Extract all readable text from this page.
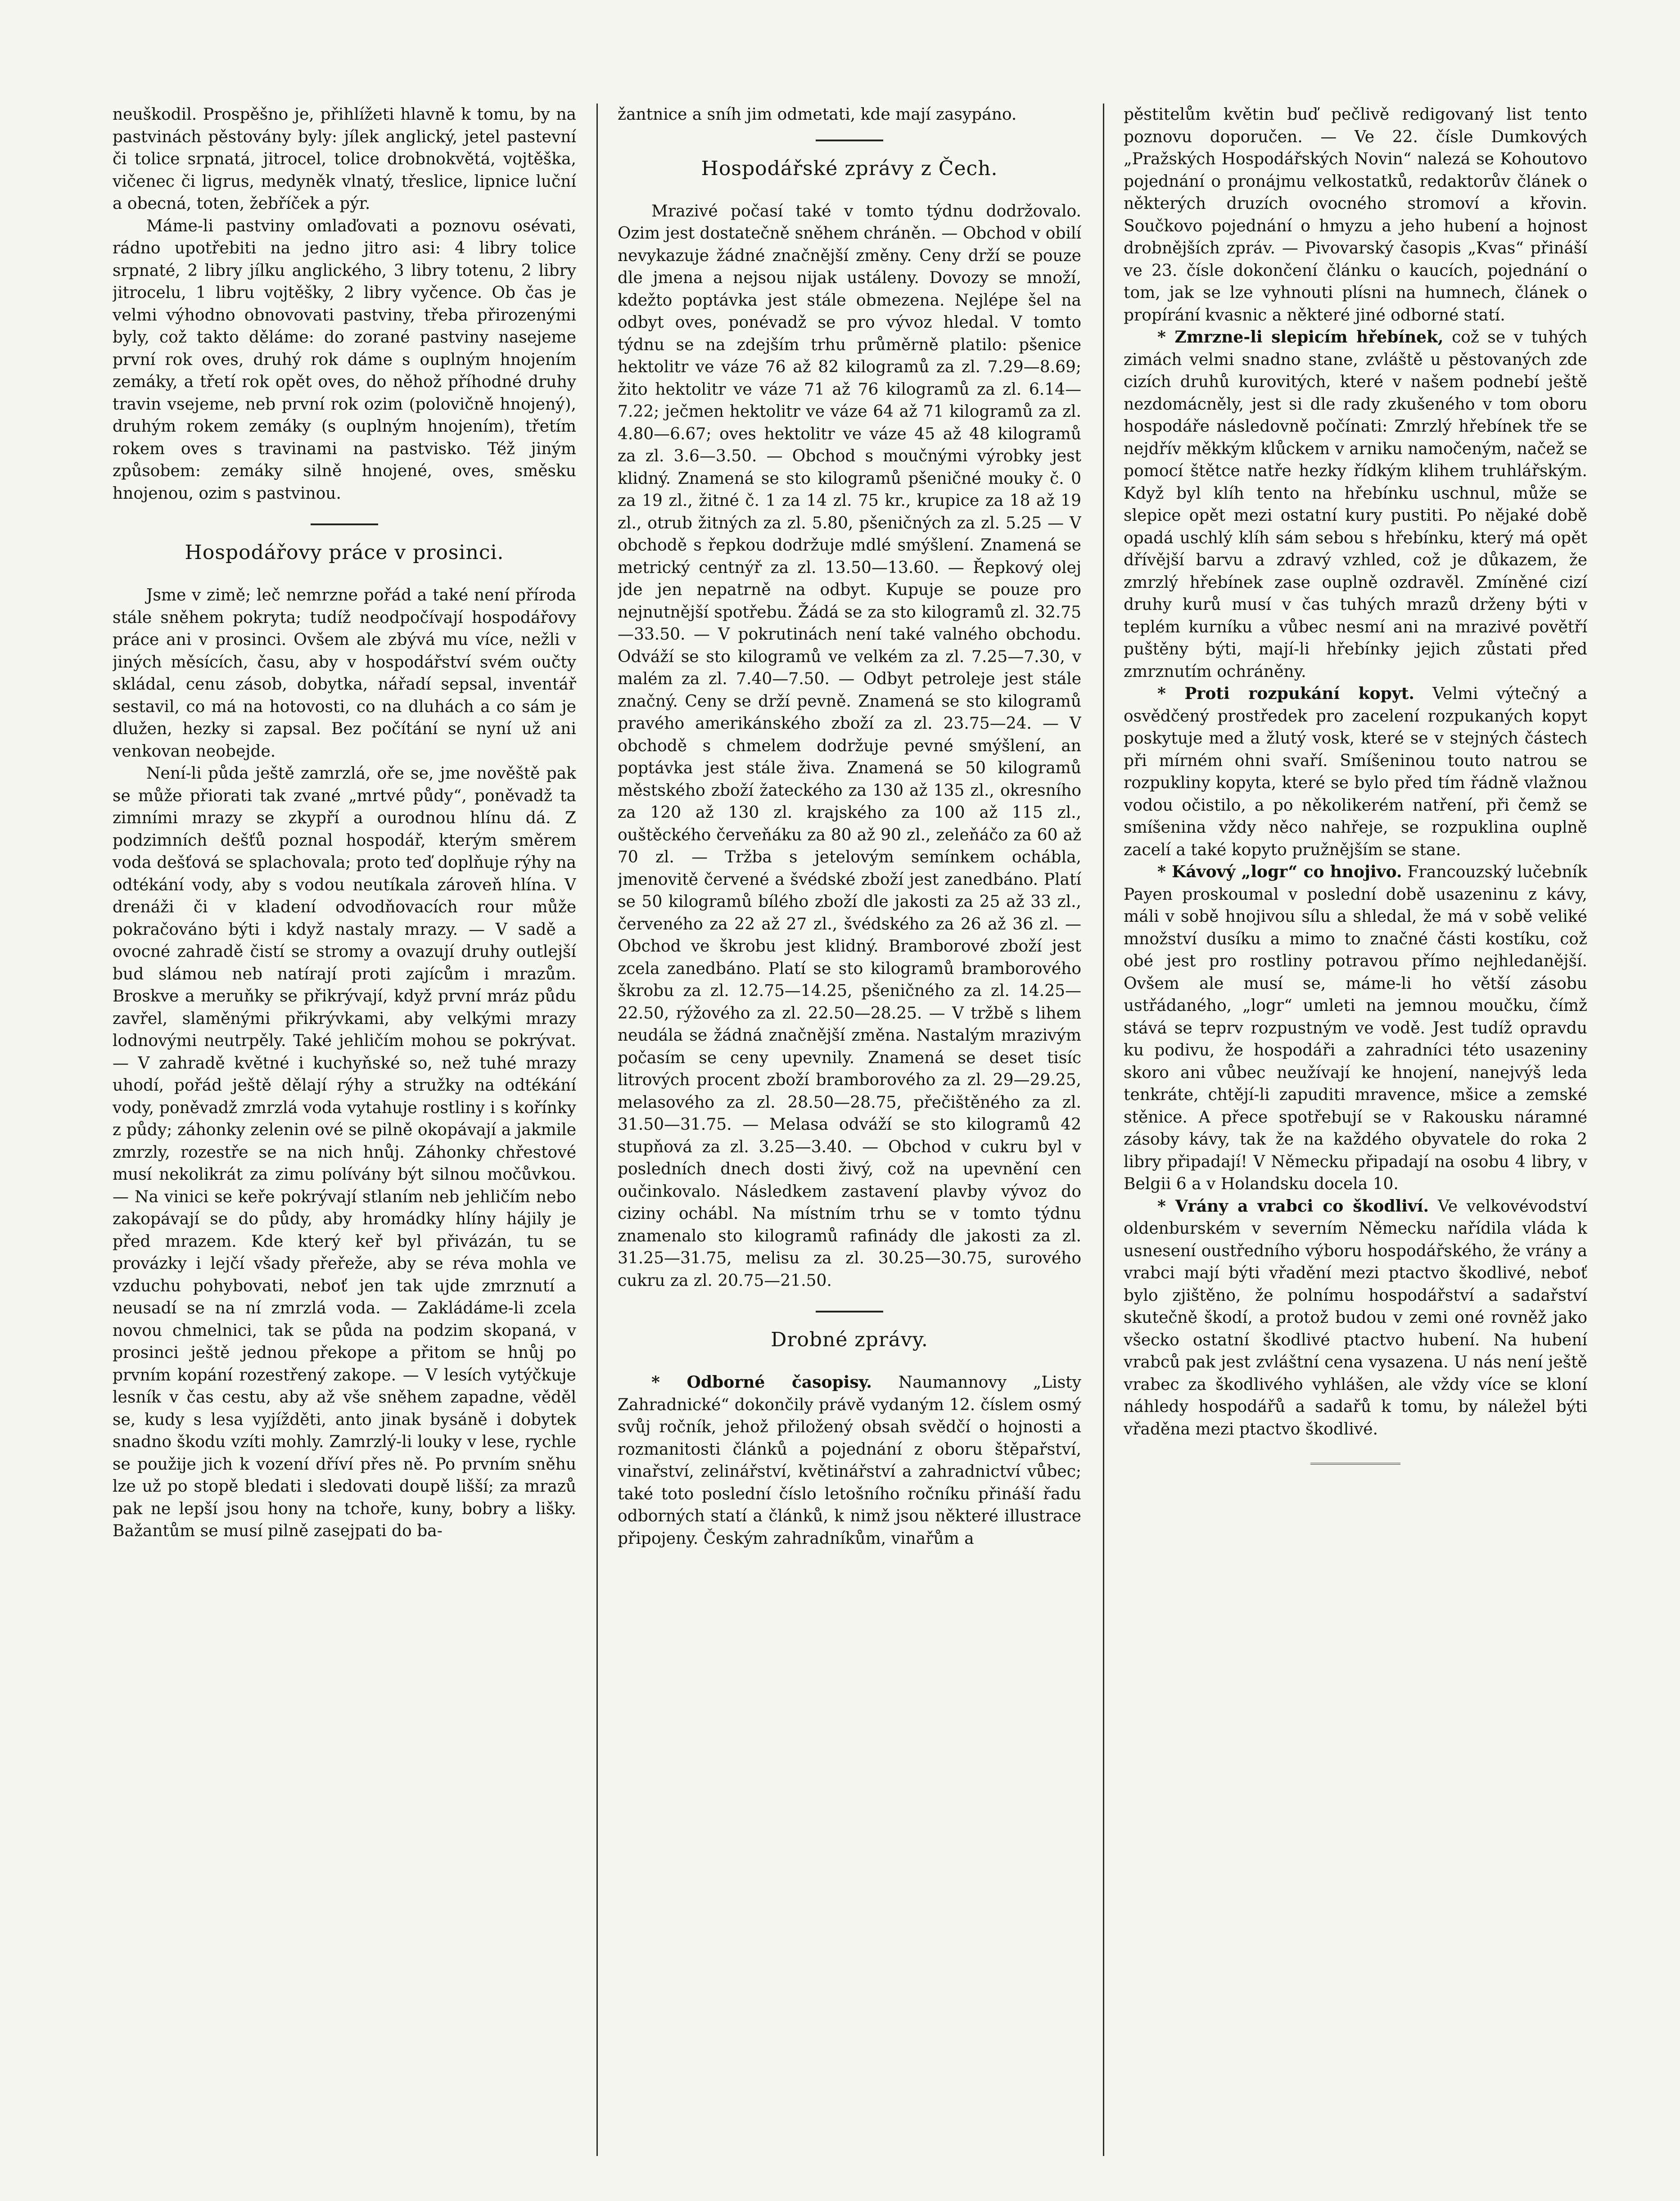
neuškodil. Prospěšno je, přihlížeti hlavně k tomu, by na pastvinách pěstovány byly: jílek anglický, jetel pastevní či tolice srpnatá, jitrocel, tolice drobnokvětá, vojtěška, vičenec či ligrus, medyněk vlnatý, třeslice, lipnice luční a obecná, toten, žebříček a pýr.

Máme-li pastviny omlaďovati a poznovu osévati, rádno upotřebiti na jedno jitro asi: 4 libry tolice srpnaté, 2 libry jílku anglického, 3 libry totenu, 2 libry jitrocelu, 1 libru vojtěšky, 2 libry vyčence. Ob čas je velmi výhodno obnovovati pastviny, třeba přirozenými byly, což takto děláme: do zorané pastviny nasejeme první rok oves, druhý rok dáme s ouplným hnojením zemáky, a třetí rok opět oves, do něhož příhodné druhy travin vsejeme, neb první rok ozim (polovičně hnojený), druhým rokem zemáky (s ouplným hnojením), třetím rokem oves s travinami na pastvisko. Též jiným způsobem: zemáky silně hnojené, oves, směsku hnojenou, ozim s pastvinou.

Hospodářovy práce v prosinci.

Jsme v zimě; leč nemrzne pořád a také není příroda stále sněhem pokryta; tudíž neodpočívají hospodářovy práce ani v prosinci. Ovšem ale zbývá mu více, nežli v jiných měsících, času, aby v hospodářství svém oučty skládal, cenu zásob, dobytka, nářadí sepsal, inventář sestavil, co má na hotovosti, co na dluhách a co sám je dlužen, hezky si zapsal. Bez počítání se nyní už ani venkovan neobejde.

Není-li půda ještě zamrzlá, oře se, jme nověště pak se může přiorati tak zvané „mrtvé půdy“, poněvadž ta zimními mrazy se zkypří a ourodnou hlínu dá. Z podzimních dešťů poznal hospodář, kterým směrem voda dešťová se splachovala; proto teď doplňuje rýhy na odtékání vody, aby s vodou neutíkala zároveň hlína. V drenáži či v kladení odvodňovacích rour může pokračováno býti i když nastaly mrazy. — V sadě a ovocné zahradě čistí se stromy a ovazují druhy outlejší bud slámou neb natírají proti zajícům i mrazům. Broskve a meruňky se přikrývají, když první mráz půdu zavřel, slaměnými přikrývkami, aby velkými mrazy lodnovými neutrpěly. Také jehličím mohou se pokrývat. — V zahradě květné i kuchyňské so, než tuhé mrazy uhodí, pořád ještě dělají rýhy a stružky na odtékání vody, poněvadž zmrzlá voda vytahuje rostliny i s kořínky z půdy; záhonky zelenin ové se pilně okopávají a jakmile zmrzly, rozestře se na nich hnůj. Záhonky chřestové musí nekolikrát za zimu polívány být silnou močůvkou. — Na vinici se keře pokrývají stlaním neb jehličím nebo zakopávají se do půdy, aby hromádky hlíny hájily je před mrazem. Kde který keř byl přivázán, tu se provázky i lejčí všady přeřeže, aby se réva mohla ve vzduchu pohybovati, neboť jen tak ujde zmrznutí a neusadí se na ní zmrzlá voda. — Zakládáme-li zcela novou chmelnici, tak se půda na podzim skopaná, v prosinci ještě jednou překope a přitom se hnůj po prvním kopání rozestřený zakope. — V lesích vytýčkuje lesník v čas cestu, aby až vše sněhem zapadne, věděl se, kudy s lesa vyjížděti, anto jinak bysáně i dobytek snadno škodu vzíti mohly. Zamrzlý-li louky v lese, rychle se použije jich k vození dříví přes ně. Po prvním sněhu lze už po stopě bledati i sledovati doupě lišší; za mrazů pak ne lepší jsou hony na tchoře, kuny, bobry a lišky. Bažantům se musí pilně zasejpati do ba-

žantnice a sníh jim odmetati, kde mají zasypáno.

Hospodářské zprávy z Čech.

Mrazivé počasí také v tomto týdnu dodržovalo. Ozim jest dostatečně sněhem chráněn. — Obchod v obilí nevykazuje žádné značnější změny. Ceny drží se pouze dle jmena a nejsou nijak ustáleny. Dovozy se množí, kdežto poptávka jest stále obmezena. Nejlépe šel na odbyt oves, ponévadž se pro vývoz hledal. V tomto týdnu se na zdejším trhu průměrně platilo: pšenice hektolitr ve váze 76 až 82 kilogramů za zl. 7.29—8.69; žito hektolitr ve váze 71 až 76 kilogramů za zl. 6.14—7.22; ječmen hektolitr ve váze 64 až 71 kilogramů za zl. 4.80—6.67; oves hektolitr ve váze 45 až 48 kilogramů za zl. 3.6—3.50. — Obchod s moučnými výrobky jest klidný. Znamená se sto kilogramů pšeničné mouky č. 0 za 19 zl., žitné č. 1 za 14 zl. 75 kr., krupice za 18 až 19 zl., otrub žitných za zl. 5.80, pšeničných za zl. 5.25 — V obchodě s řepkou dodržuje mdlé smýšlení. Znamená se metrický centnýř za zl. 13.50—13.60. — Řepkový olej jde jen nepatrně na odbyt. Kupuje se pouze pro nejnutnější spotřebu. Žádá se za sto kilogramů zl. 32.75—33.50. — V pokrutinách není také valného obchodu. Odváží se sto kilogramů ve velkém za zl. 7.25—7.30, v malém za zl. 7.40—7.50. — Odbyt petroleje jest stále značný. Ceny se drží pevně. Znamená se sto kilogramů pravého amerikánského zboží za zl. 23.75—24. — V obchodě s chmelem dodržuje pevné smýšlení, an poptávka jest stále živa. Znamená se 50 kilogramů městského zboží žateckého za 130 až 135 zl., okresního za 120 až 130 zl. krajského za 100 až 115 zl., ouštěckého červeňáku za 80 až 90 zl., zeleňáčo za 60 až 70 zl. — Tržba s jetelovým semínkem ochábla, jmenovitě červené a švédské zboží jest zanedbáno. Platí se 50 kilogramů bílého zboží dle jakosti za 25 až 33 zl., červeného za 22 až 27 zl., švédského za 26 až 36 zl. — Obchod ve škrobu jest klidný. Bramborové zboží jest zcela zanedbáno. Platí se sto kilogramů bramborového škrobu za zl. 12.75—14.25, pšeničného za zl. 14.25—22.50, rýžového za zl. 22.50—28.25. — V tržbě s lihem neudála se žádná značnější změna. Nastalým mrazivým počasím se ceny upevnily. Znamená se deset tisíc litrových procent zboží bramborového za zl. 29—29.25, melasového za zl. 28.50—28.75, přečištěného za zl. 31.50—31.75. — Melasa odváží se sto kilogramů 42 stupňová za zl. 3.25—3.40. — Obchod v cukru byl v posledních dnech dosti živý, což na upevnění cen oučinkovalo. Následkem zastavení plavby vývoz do ciziny ochábl. Na místním trhu se v tomto týdnu znamenalo sto kilogramů rafinády dle jakosti za zl. 31.25—31.75, melisu za zl. 30.25—30.75, surového cukru za zl. 20.75—21.50.

Drobné zprávy.

* Odborné časopisy. Naumannovy „Listy Zahradnické“ dokončily právě vydaným 12. číslem osmý svůj ročník, jehož přiložený obsah svědčí o hojnosti a rozmanitosti článků a pojednání z oboru štěpařství, vinařství, zelinářství, květinářství a zahradnictví vůbec; také toto poslední číslo letošního ročníku přináší řadu odborných statí a článků, k nimž jsou některé illustrace připojeny. Českým zahradníkům, vinařům a

pěstitelům květin buď pečlivě redigovaný list tento poznovu doporučen. — Ve 22. čísle Dumkových „Pražských Hospodářských Novin“ nalezá se Kohoutovo pojednání o pronájmu velkostatků, redaktorův článek o některých druzích ovocného stromoví a křovin. Součkovo pojednání o hmyzu a jeho hubení a hojnost drobnějších zpráv. — Pivovarský časopis „Kvas“ přináší ve 23. čísle dokončení článku o kaucích, pojednání o tom, jak se lze vyhnouti plísni na humnech, článek o propírání kvasnic a některé jiné odborné statí.

* Zmrzne-li slepicím hřebínek, což se v tuhých zimách velmi snadno stane, zvláště u pěstovaných zde cizích druhů kurovitých, které v našem podnebí ještě nezdomácněly, jest si dle rady zkušeného v tom oboru hospodáře následovně počínati: Zmrzlý hřebínek tře se nejdřív měkkým klůckem v arniku namočeným, načež se pomocí štětce natře hezky řídkým klihem truhlářským. Když byl klíh tento na hřebínku uschnul, může se slepice opět mezi ostatní kury pustiti. Po nějaké době opadá uschlý klíh sám sebou s hřebínku, který má opět dřívější barvu a zdravý vzhled, což je důkazem, že zmrzlý hřebínek zase ouplně ozdravěl. Zmíněné cizí druhy kurů musí v čas tuhých mrazů drženy býti v teplém kurníku a vůbec nesmí ani na mrazivé povětří puštěny býti, mají-li hřebínky jejich zůstati před zmrznutím ochráněny.

* Proti rozpukání kopyt. Velmi výtečný a osvědčený prostředek pro zacelení rozpukaných kopyt poskytuje med a žlutý vosk, které se v stejných částech při mírném ohni svaří. Smíšeninou touto natrou se rozpukliny kopyta, které se bylo před tím řádně vlažnou vodou očistilo, a po několikerém natření, při čemž se smíšenina vždy něco nahřeje, se rozpuklina ouplně zacelí a také kopyto pružnějším se stane.

* Kávový „logr“ co hnojivo. Francouzský lučebník Payen proskoumal v poslední době usazeninu z kávy, máli v sobě hnojivou sílu a shledal, že má v sobě veliké množství dusíku a mimo to značné části kostíku, což obé jest pro rostliny potravou přímo nejhledanější. Ovšem ale musí se, máme-li ho větší zásobu ustřádaného, „logr“ umleti na jemnou moučku, čímž stává se teprv rozpustným ve vodě. Jest tudíž opravdu ku podivu, že hospodáři a zahradníci této usazeniny skoro ani vůbec neužívají ke hnojení, nanejvýš leda tenkráte, chtějí-li zapuditi mravence, mšice a zemské stěnice. A přece spotřebují se v Rakousku náramné zásoby kávy, tak že na každého obyvatele do roka 2 libry připadají! V Německu připadají na osobu 4 libry, v Belgii 6 a v Holandsku docela 10.

* Vrány a vrabci co škodliví. Ve velkovévodství oldenburském v severním Německu nařídila vláda k usnesení oustředního výboru hospodářského, že vrány a vrabci mají býti vřadění mezi ptactvo škodlivé, neboť bylo zjištěno, že polnímu hospodářství a sadařství skutečně škodí, a protož budou v zemi oné rovněž jako všecko ostatní škodlivé ptactvo hubení. Na hubení vrabců pak jest zvláštní cena vysazena. U nás není ještě vrabec za škodlivého vyhlášen, ale vždy více se kloní náhledy hospodářů a sadařů k tomu, by náležel býti vřaděna mezi ptactvo škodlivé.
